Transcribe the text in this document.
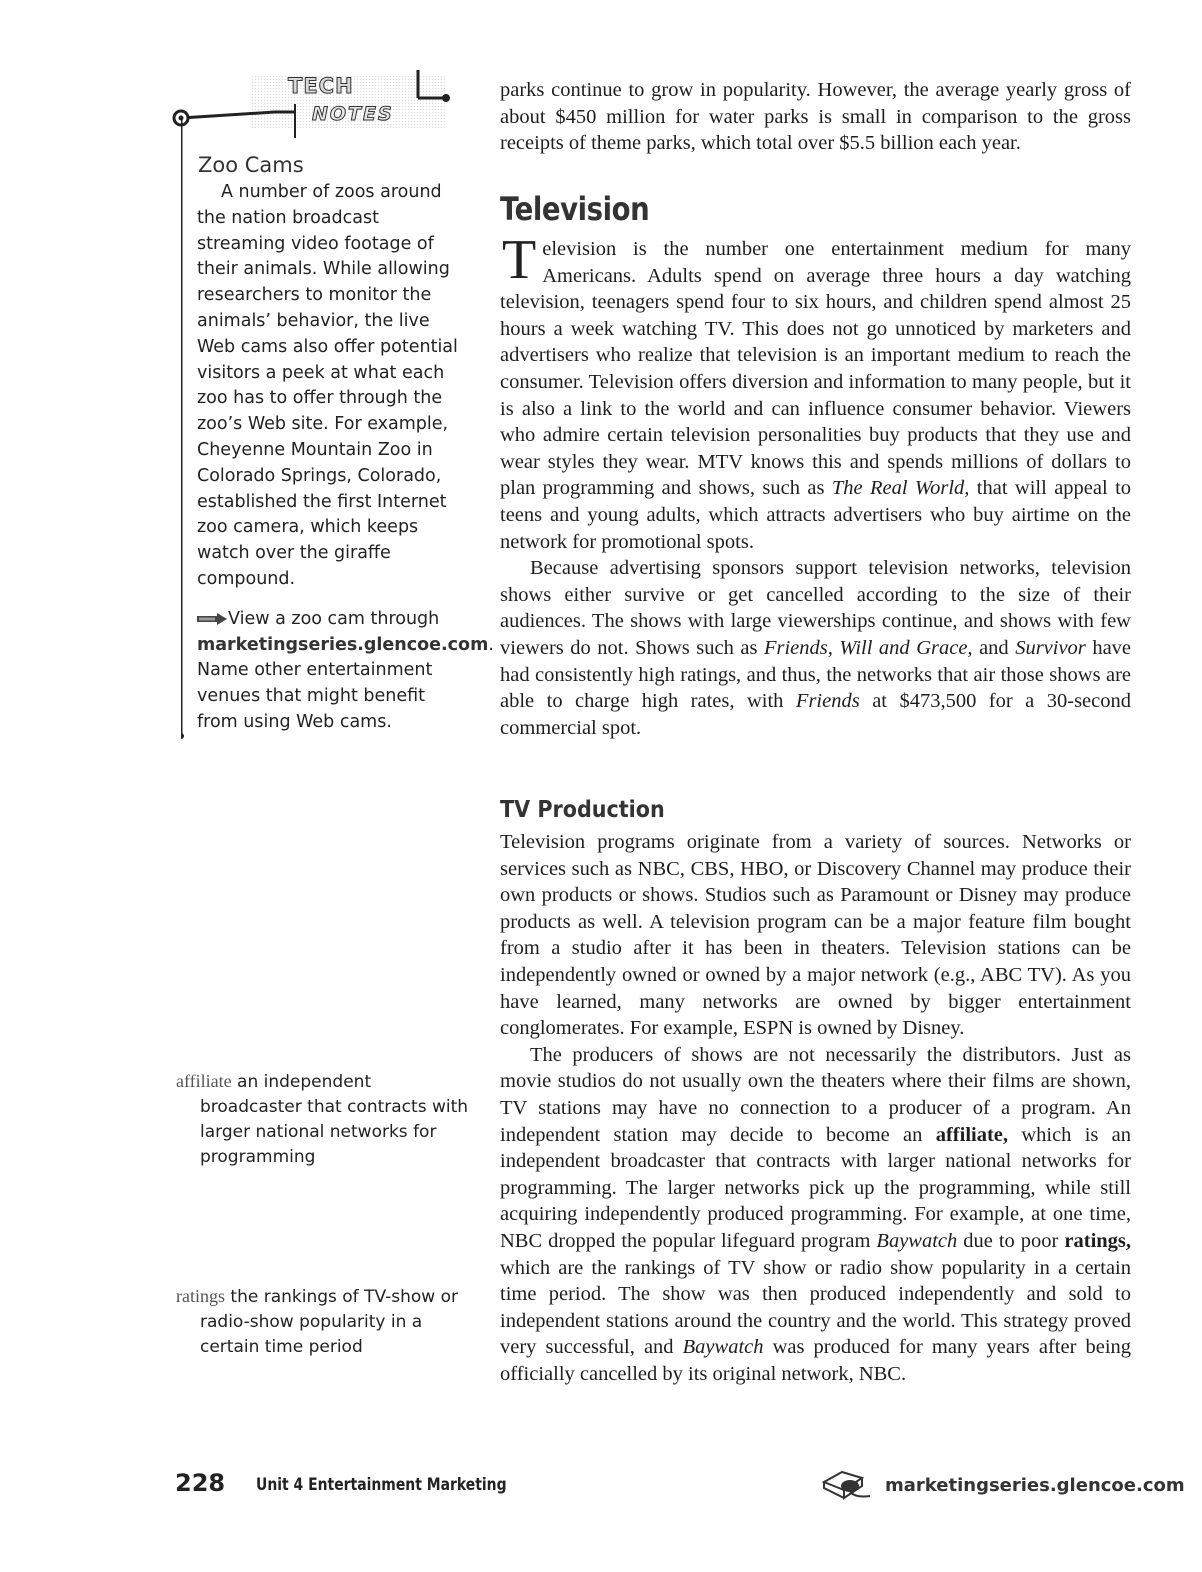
TECH
NOTES
Zoo Cams

A number of zoos around the nation broadcast streaming video footage of their animals. While allowing researchers to monitor the animals’ behavior, the live Web cams also offer potential visitors a peek at what each zoo has to offer through the zoo’s Web site. For example, Cheyenne Mountain Zoo in Colorado Springs, Colorado, established the first Internet zoo camera, which keeps watch over the giraffe compound.

View a zoo cam through marketingseries.glencoe.com. Name other entertainment venues that might benefit from using Web cams.

affiliate an independent broadcaster that contracts with larger national networks for programming
ratings the rankings of TV-show or radio-show popularity in a certain time period

parks continue to grow in popularity. However, the average yearly gross of about $450 million for water parks is small in comparison to the gross receipts of theme parks, which total over $5.5 billion each year.

Television

Television is the number one entertainment medium for many Americans. Adults spend on average three hours a day watching television, teenagers spend four to six hours, and children spend almost 25 hours a week watching TV. This does not go unnoticed by marketers and advertisers who realize that television is an important medium to reach the consumer. Television offers diversion and information to many people, but it is also a link to the world and can influence consumer behavior. Viewers who admire certain television personalities buy products that they use and wear styles they wear. MTV knows this and spends millions of dollars to plan programming and shows, such as The Real World, that will appeal to teens and young adults, which attracts advertisers who buy airtime on the network for promotional spots.

Because advertising sponsors support television networks, television shows either survive or get cancelled according to the size of their audiences. The shows with large viewerships continue, and shows with few viewers do not. Shows such as Friends, Will and Grace, and Survivor have had consistently high ratings, and thus, the networks that air those shows are able to charge high rates, with Friends at $473,500 for a 30-second commercial spot.

TV Production

Television programs originate from a variety of sources. Networks or services such as NBC, CBS, HBO, or Discovery Channel may produce their own products or shows. Studios such as Paramount or Disney may produce products as well. A television program can be a major feature film bought from a studio after it has been in theaters. Television stations can be independently owned or owned by a major network (e.g., ABC TV). As you have learned, many networks are owned by bigger entertainment conglomerates. For example, ESPN is owned by Disney.

The producers of shows are not necessarily the distributors. Just as movie studios do not usually own the theaters where their films are shown, TV stations may have no connection to a producer of a program. An independent station may decide to become an affiliate, which is an independent broadcaster that contracts with larger national networks for programming. The larger networks pick up the programming, while still acquiring independently produced programming. For example, at one time, NBC dropped the popular lifeguard program Baywatch due to poor ratings, which are the rankings of TV show or radio show popularity in a certain time period. The show was then produced independently and sold to independent stations around the country and the world. This strategy proved very successful, and Baywatch was produced for many years after being officially cancelled by its original network, NBC.

228 Unit 4 Entertainment Marketing	marketingseries.glencoe.com
